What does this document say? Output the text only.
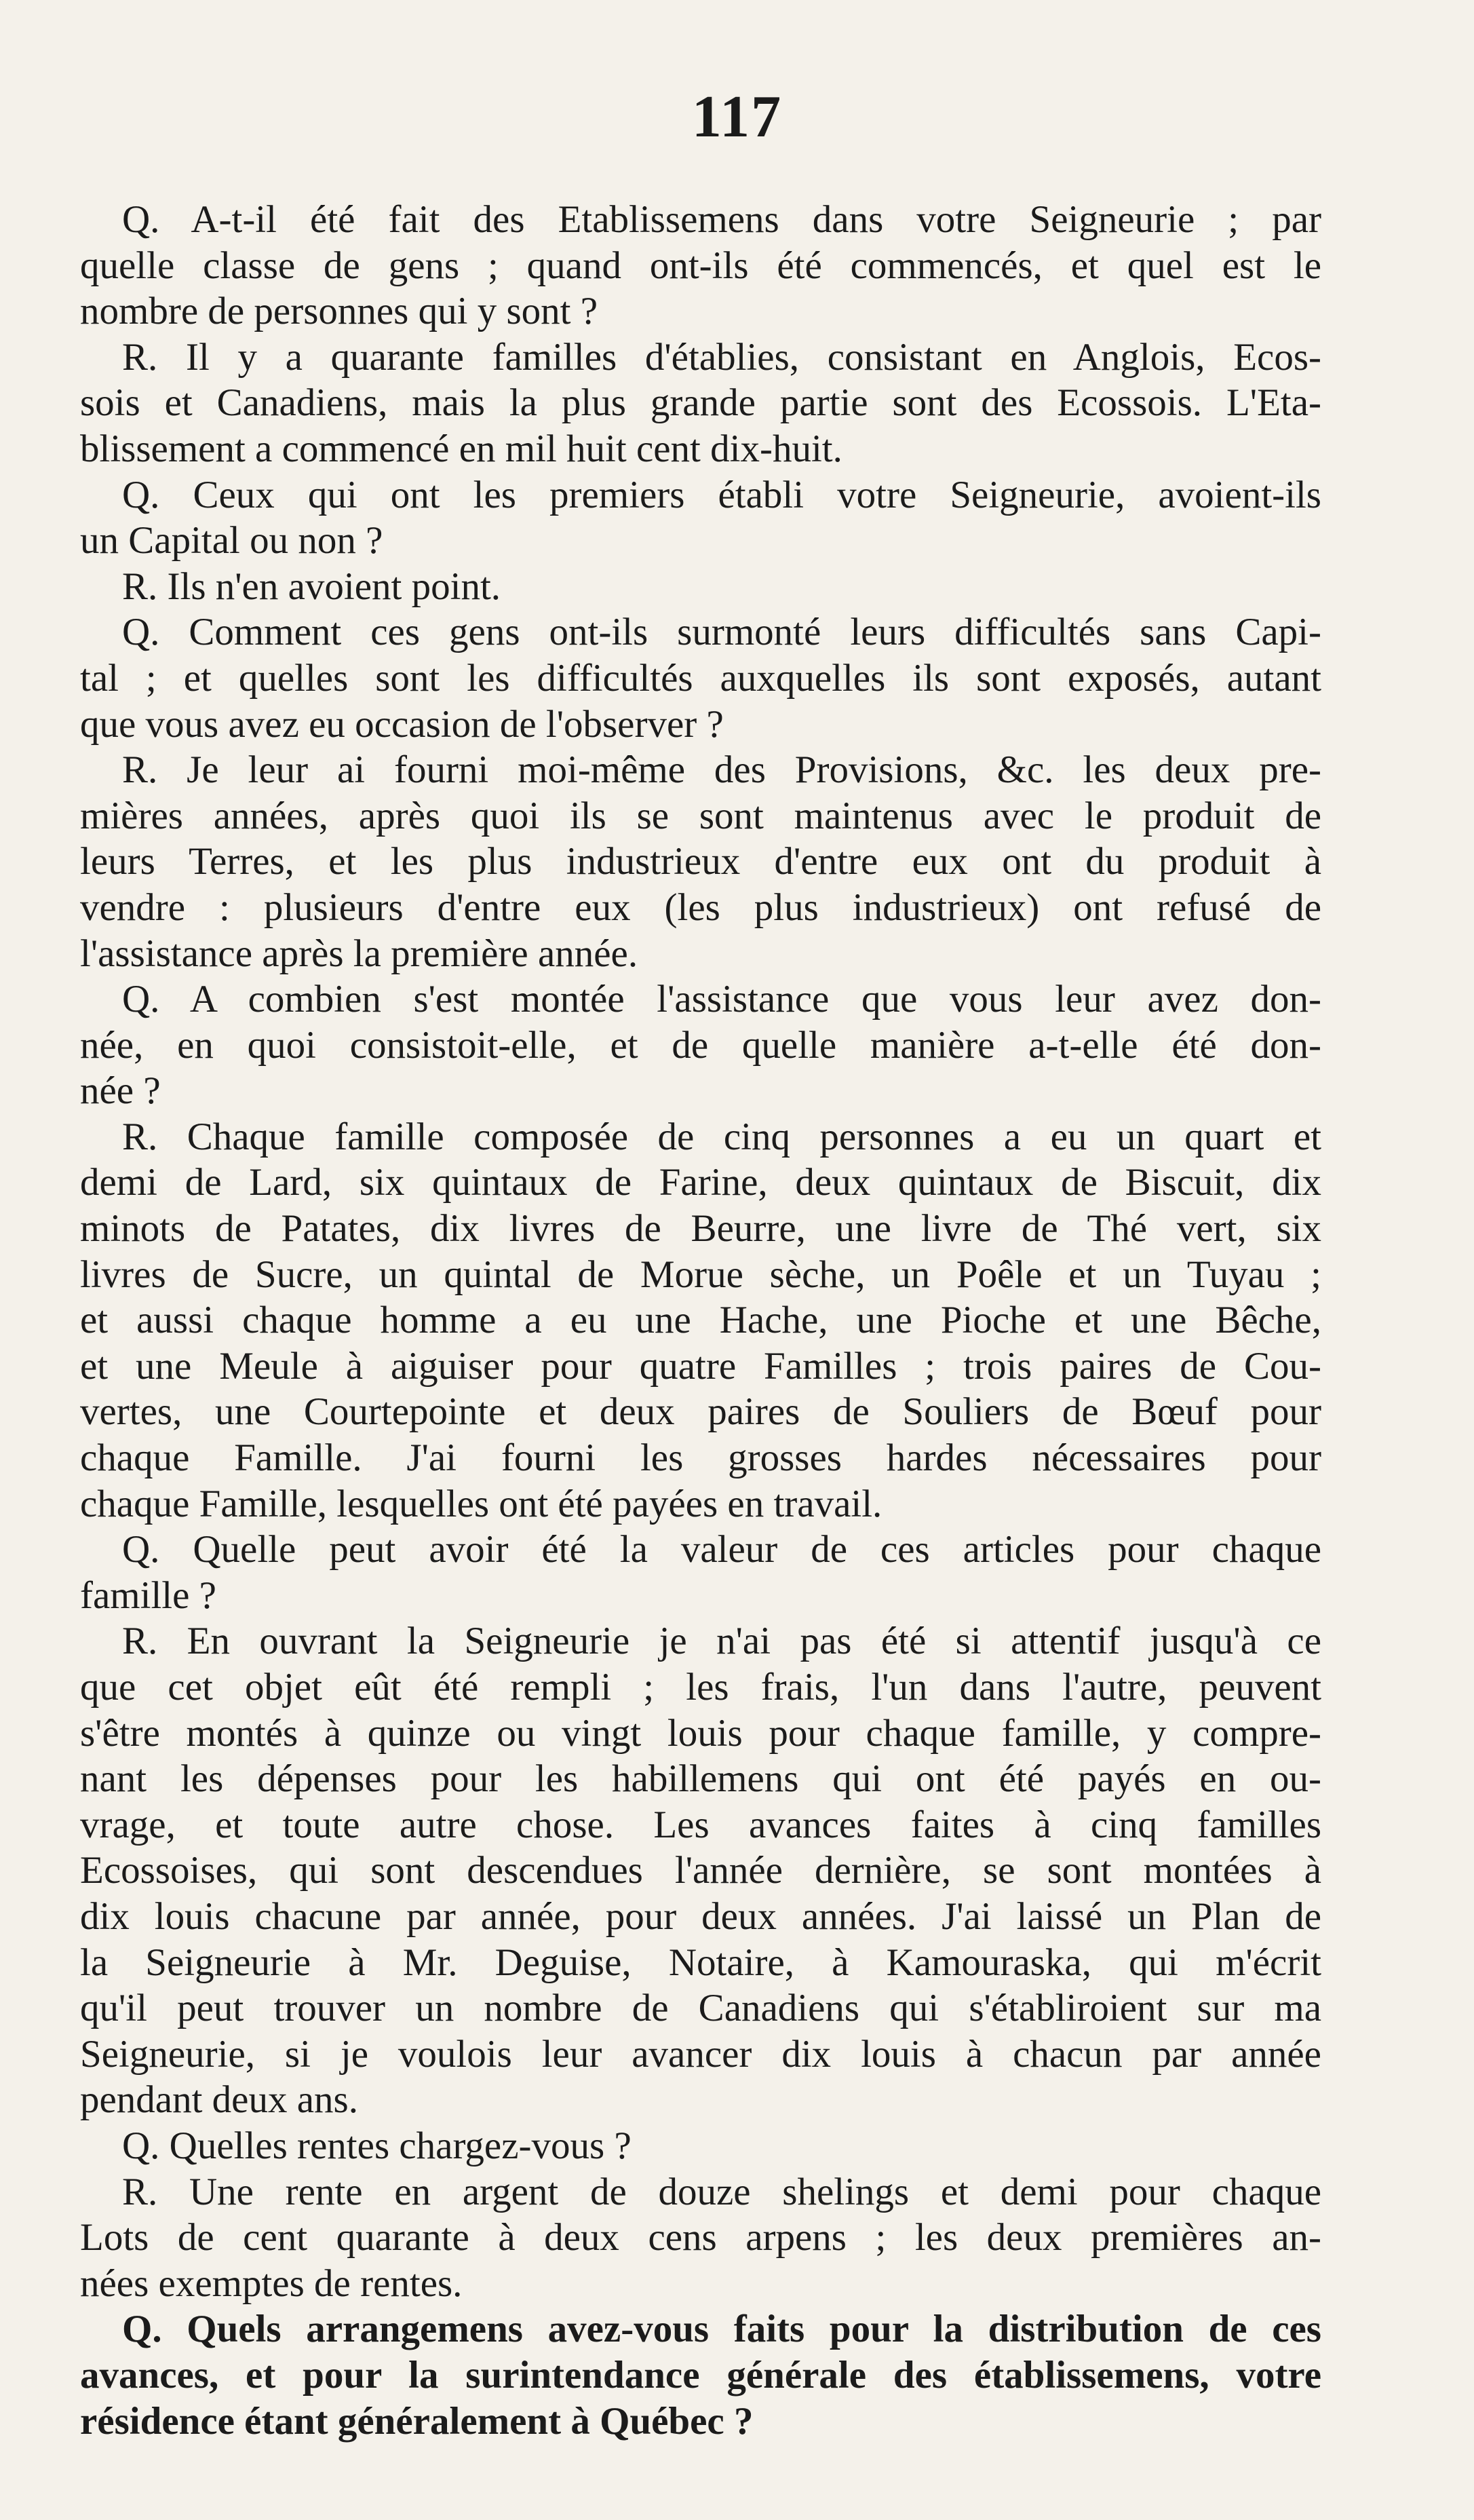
117
Q. A-t-il été fait des Etablissemens dans votre Seigneurie ; par
quelle classe de gens ; quand ont-ils été commencés, et quel est le
nombre de personnes qui y sont ?
R. Il y a quarante familles d'établies, consistant en Anglois, Ecos-
sois et Canadiens, mais la plus grande partie sont des Ecossois. L'Eta-
blissement a commencé en mil huit cent dix-huit.
Q. Ceux qui ont les premiers établi votre Seigneurie, avoient-ils
un Capital ou non ?
R. Ils n'en avoient point.
Q. Comment ces gens ont-ils surmonté leurs difficultés sans Capi-
tal ; et quelles sont les difficultés auxquelles ils sont exposés, autant
que vous avez eu occasion de l'observer ?
R. Je leur ai fourni moi-même des Provisions, &c. les deux pre-
mières années, après quoi ils se sont maintenus avec le produit de
leurs Terres, et les plus industrieux d'entre eux ont du produit à
vendre : plusieurs d'entre eux (les plus industrieux) ont refusé de
l'assistance après la première année.
Q. A combien s'est montée l'assistance que vous leur avez don-
née, en quoi consistoit-elle, et de quelle manière a-t-elle été don-
née ?
R. Chaque famille composée de cinq personnes a eu un quart et
demi de Lard, six quintaux de Farine, deux quintaux de Biscuit, dix
minots de Patates, dix livres de Beurre, une livre de Thé vert, six
livres de Sucre, un quintal de Morue sèche, un Poêle et un Tuyau ;
et aussi chaque homme a eu une Hache, une Pioche et une Bêche,
et une Meule à aiguiser pour quatre Familles ; trois paires de Cou-
vertes, une Courtepointe et deux paires de Souliers de Bœuf pour
chaque Famille. J'ai fourni les grosses hardes nécessaires pour
chaque Famille, lesquelles ont été payées en travail.
Q. Quelle peut avoir été la valeur de ces articles pour chaque
famille ?
R. En ouvrant la Seigneurie je n'ai pas été si attentif jusqu'à ce
que cet objet eût été rempli ; les frais, l'un dans l'autre, peuvent
s'être montés à quinze ou vingt louis pour chaque famille, y compre-
nant les dépenses pour les habillemens qui ont été payés en ou-
vrage, et toute autre chose. Les avances faites à cinq familles
Ecossoises, qui sont descendues l'année dernière, se sont montées à
dix louis chacune par année, pour deux années. J'ai laissé un Plan de
la Seigneurie à Mr. Deguise, Notaire, à Kamouraska, qui m'écrit
qu'il peut trouver un nombre de Canadiens qui s'établiroient sur ma
Seigneurie, si je voulois leur avancer dix louis à chacun par année
pendant deux ans.
Q. Quelles rentes chargez-vous ?
R. Une rente en argent de douze shelings et demi pour chaque
Lots de cent quarante à deux cens arpens ; les deux premières an-
nées exemptes de rentes.
Q. Quels arrangemens avez-vous faits pour la distribution de ces
avances, et pour la surintendance générale des établissemens, votre
résidence étant généralement à Québec ?
